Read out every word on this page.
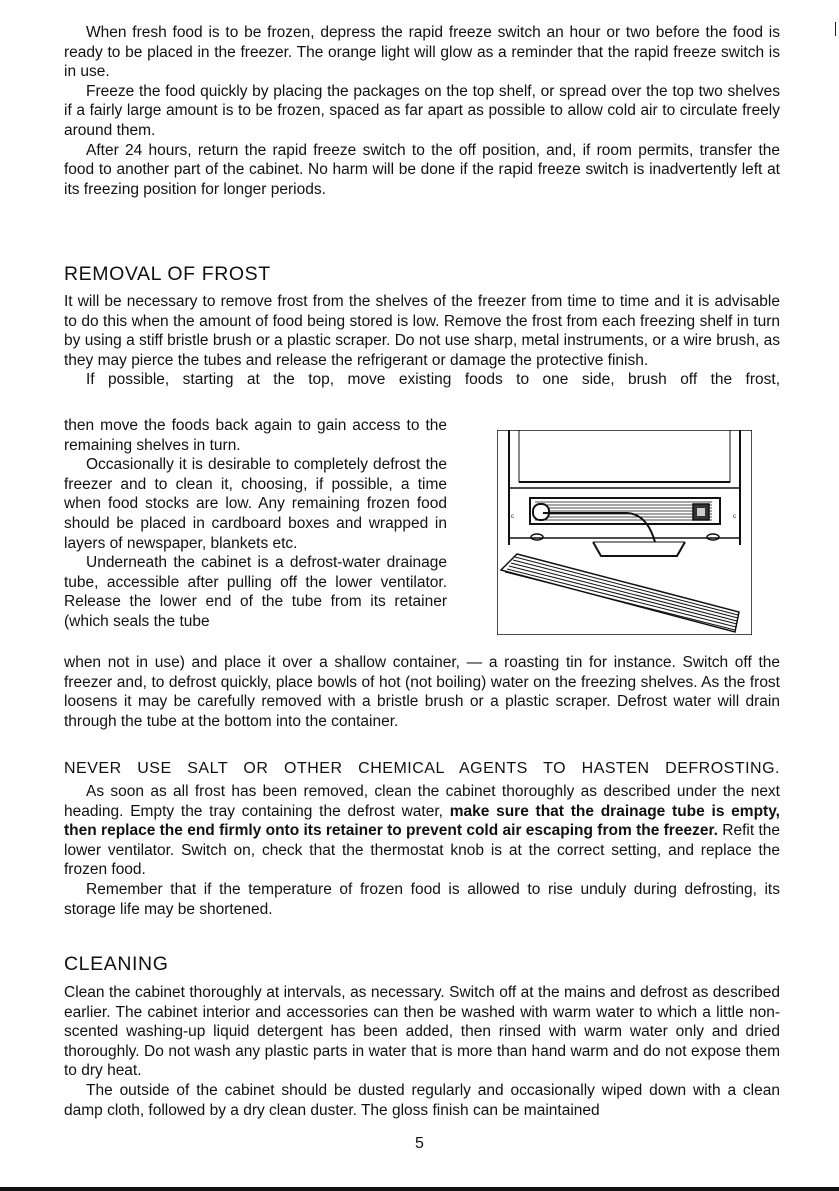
When fresh food is to be frozen, depress the rapid freeze switch an hour or two before the food is ready to be placed in the freezer. The orange light will glow as a reminder that the rapid freeze switch is in use.

Freeze the food quickly by placing the packages on the top shelf, or spread over the top two shelves if a fairly large amount is to be frozen, spaced as far apart as possible to allow cold air to circulate freely around them.

After 24 hours, return the rapid freeze switch to the off position, and, if room permits, transfer the food to another part of the cabinet. No harm will be done if the rapid freeze switch is inadvertently left at its freezing position for longer periods.

REMOVAL OF FROST

It will be necessary to remove frost from the shelves of the freezer from time to time and it is advisable to do this when the amount of food being stored is low. Remove the frost from each freezing shelf in turn by using a stiff bristle brush or a plastic scraper. Do not use sharp, metal instruments, or a wire brush, as they may pierce the tubes and release the refrigerant or damage the protective finish.

If possible, starting at the top, move existing foods to one side, brush off the frost,

then move the foods back again to gain access to the remaining shelves in turn.

Occasionally it is desirable to completely defrost the freezer and to clean it, choosing, if possible, a time when food stocks are low. Any remaining frozen food should be placed in cardboard boxes and wrapped in layers of newspaper, blankets etc.

Underneath the cabinet is a defrost-water drainage tube, accessible after pulling off the lower ventilator. Release the lower end of the tube from its retainer (which seals the tube

c	c

when not in use) and place it over a shallow container, — a roasting tin for instance. Switch off the freezer and, to defrost quickly, place bowls of hot (not boiling) water on the freezing shelves. As the frost loosens it may be carefully removed with a bristle brush or a plastic scraper. Defrost water will drain through the tube at the bottom into the container.

NEVER USE SALT OR OTHER CHEMICAL AGENTS TO HASTEN DEFROSTING.

As soon as all frost has been removed, clean the cabinet thoroughly as described under the next heading. Empty the tray containing the defrost water, make sure that the drainage tube is empty, then replace the end firmly onto its retainer to prevent cold air escaping from the freezer. Refit the lower ventilator. Switch on, check that the thermostat knob is at the correct setting, and replace the frozen food.

Remember that if the temperature of frozen food is allowed to rise unduly during defrosting, its storage life may be shortened.

CLEANING

Clean the cabinet thoroughly at intervals, as necessary. Switch off at the mains and defrost as described earlier. The cabinet interior and accessories can then be washed with warm water to which a little non-scented washing-up liquid detergent has been added, then rinsed with warm water only and dried thoroughly. Do not wash any plastic parts in water that is more than hand warm and do not expose them to dry heat.

The outside of the cabinet should be dusted regularly and occasionally wiped down with a clean damp cloth, followed by a dry clean duster. The gloss finish can be maintained

5
